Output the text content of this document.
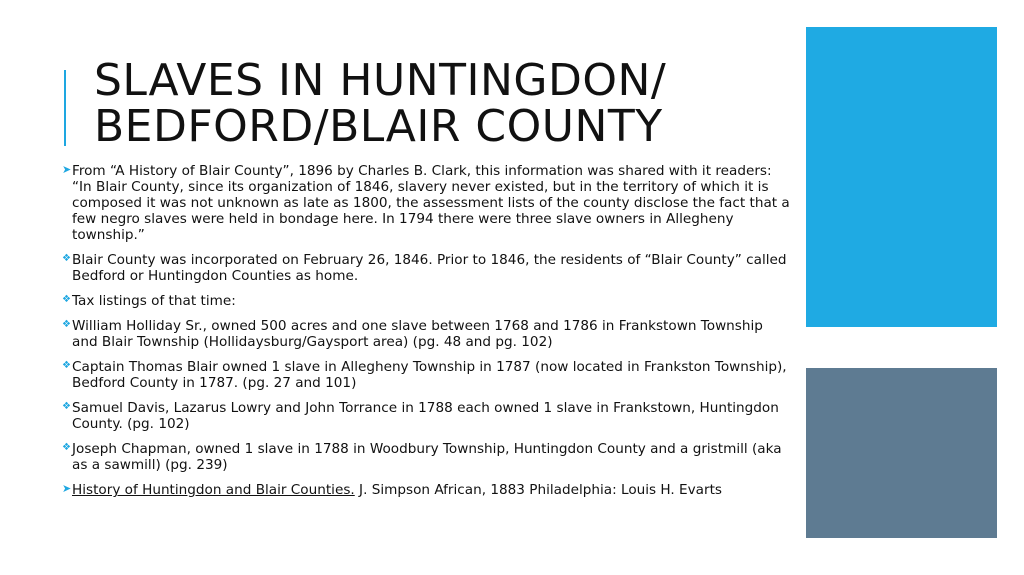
SLAVES IN HUNTINGDON/
BEDFORD/BLAIR COUNTY

➤ From “A History of Blair County”, 1896 by Charles B. Clark, this information was shared with it readers: “In Blair County, since its organization of 1846, slavery never existed, but in the territory of which it is composed it was not unknown as late as 1800, the assessment lists of the county disclose the fact that a few negro slaves were held in bondage here. In 1794 there were three slave owners in Allegheny township.”

❖ Blair County was incorporated on February 26, 1846. Prior to 1846, the residents of “Blair County” called Bedford or Huntingdon Counties as home.

❖ Tax listings of that time:

❖ William Holliday Sr., owned 500 acres and one slave between 1768 and 1786 in Frankstown Township and Blair Township (Hollidaysburg/Gaysport area) (pg. 48 and pg. 102)

❖ Captain Thomas Blair owned 1 slave in Allegheny Township in 1787 (now located in Frankston Township), Bedford County in 1787. (pg. 27 and 101)

❖ Samuel Davis, Lazarus Lowry and John Torrance in 1788 each owned 1 slave in Frankstown, Huntingdon County. (pg. 102)

❖ Joseph Chapman, owned 1 slave in 1788 in Woodbury Township, Huntingdon County and a gristmill (aka as a sawmill) (pg. 239)

➤ History of Huntingdon and Blair Counties. J. Simpson African, 1883 Philadelphia: Louis H. Evarts
